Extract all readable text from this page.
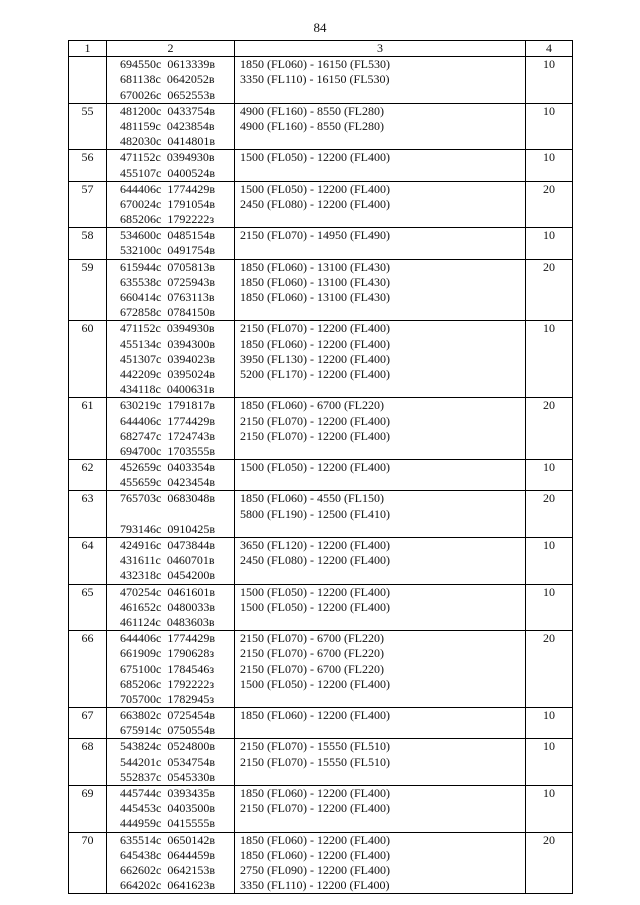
84
1	2	3	4

	694550c 0613339в
681138c 0642052в
670026c 0652553в	1850 (FL060) - 16150 (FL530)
3350 (FL110) - 16150 (FL530)	10
55	481200c 0433754в
481159c 0423854в
482030c 0414801в	4900 (FL160) - 8550 (FL280)
4900 (FL160) - 8550 (FL280)	10
56	471152c 0394930в
455107c 0400524в	1500 (FL050) - 12200 (FL400)	10
57	644406c 1774429в
670024c 1791054в
685206c 1792222з	1500 (FL050) - 12200 (FL400)
2450 (FL080) - 12200 (FL400)	20
58	534600c 0485154в
532100c 0491754в	2150 (FL070) - 14950 (FL490)	10
59	615944c 0705813в
635538c 0725943в
660414c 0763113в
672858c 0784150в	1850 (FL060) - 13100 (FL430)
1850 (FL060) - 13100 (FL430)
1850 (FL060) - 13100 (FL430)	20
60	471152c 0394930в
455134c 0394300в
451307c 0394023в
442209c 0395024в
434118c 0400631в	2150 (FL070) - 12200 (FL400)
1850 (FL060) - 12200 (FL400)
3950 (FL130) - 12200 (FL400)
5200 (FL170) - 12200 (FL400)	10
61	630219c 1791817в
644406c 1774429в
682747c 1724743в
694700c 1703555в	1850 (FL060) - 6700 (FL220)
2150 (FL070) - 12200 (FL400)
2150 (FL070) - 12200 (FL400)	20
62	452659c 0403354в
455659c 0423454в	1500 (FL050) - 12200 (FL400)	10
63	765703c 0683048в
793146c 0910425в	1850 (FL060) - 4550 (FL150)
5800 (FL190) - 12500 (FL410)	20
64	424916c 0473844в
431611c 0460701в
432318c 0454200в	3650 (FL120) - 12200 (FL400)
2450 (FL080) - 12200 (FL400)	10
65	470254c 0461601в
461652c 0480033в
461124c 0483603в	1500 (FL050) - 12200 (FL400)
1500 (FL050) - 12200 (FL400)	10
66	644406c 1774429в
661909c 1790628з
675100c 1784546з
685206c 1792222з
705700c 1782945з	2150 (FL070) - 6700 (FL220)
2150 (FL070) - 6700 (FL220)
2150 (FL070) - 6700 (FL220)
1500 (FL050) - 12200 (FL400)	20
67	663802c 0725454в
675914c 0750554в	1850 (FL060) - 12200 (FL400)	10
68	543824c 0524800в
544201c 0534754в
552837c 0545330в	2150 (FL070) - 15550 (FL510)
2150 (FL070) - 15550 (FL510)	10
69	445744c 0393435в
445453c 0403500в
444959c 0415555в	1850 (FL060) - 12200 (FL400)
2150 (FL070) - 12200 (FL400)	10
70	635514c 0650142в
645438c 0644459в
662602c 0642153в
664202c 0641623в	1850 (FL060) - 12200 (FL400)
1850 (FL060) - 12200 (FL400)
2750 (FL090) - 12200 (FL400)
3350 (FL110) - 12200 (FL400)	20
